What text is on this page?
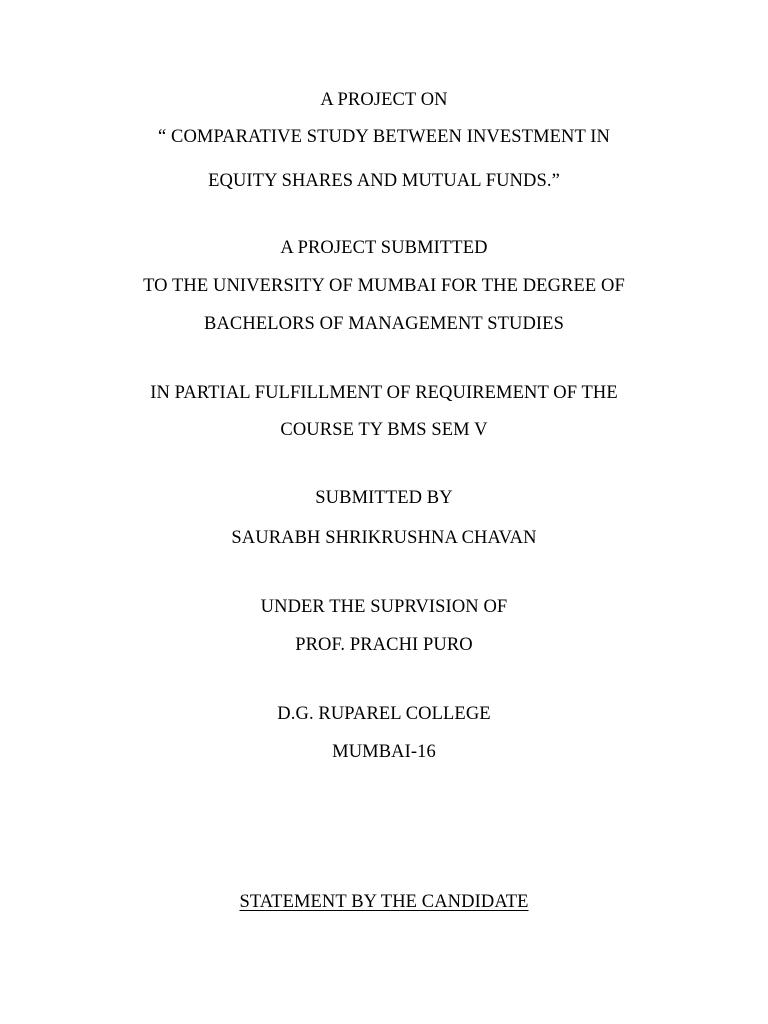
A PROJECT ON
“ COMPARATIVE STUDY BETWEEN INVESTMENT IN
EQUITY SHARES AND MUTUAL FUNDS.”
A PROJECT SUBMITTED
TO THE UNIVERSITY OF MUMBAI FOR THE DEGREE OF
BACHELORS OF MANAGEMENT STUDIES
IN PARTIAL FULFILLMENT OF REQUIREMENT OF THE
COURSE TY BMS SEM V
SUBMITTED BY
SAURABH SHRIKRUSHNA CHAVAN
UNDER THE SUPRVISION OF
PROF. PRACHI PURO
D.G. RUPAREL COLLEGE
MUMBAI-16
STATEMENT BY THE CANDIDATE
